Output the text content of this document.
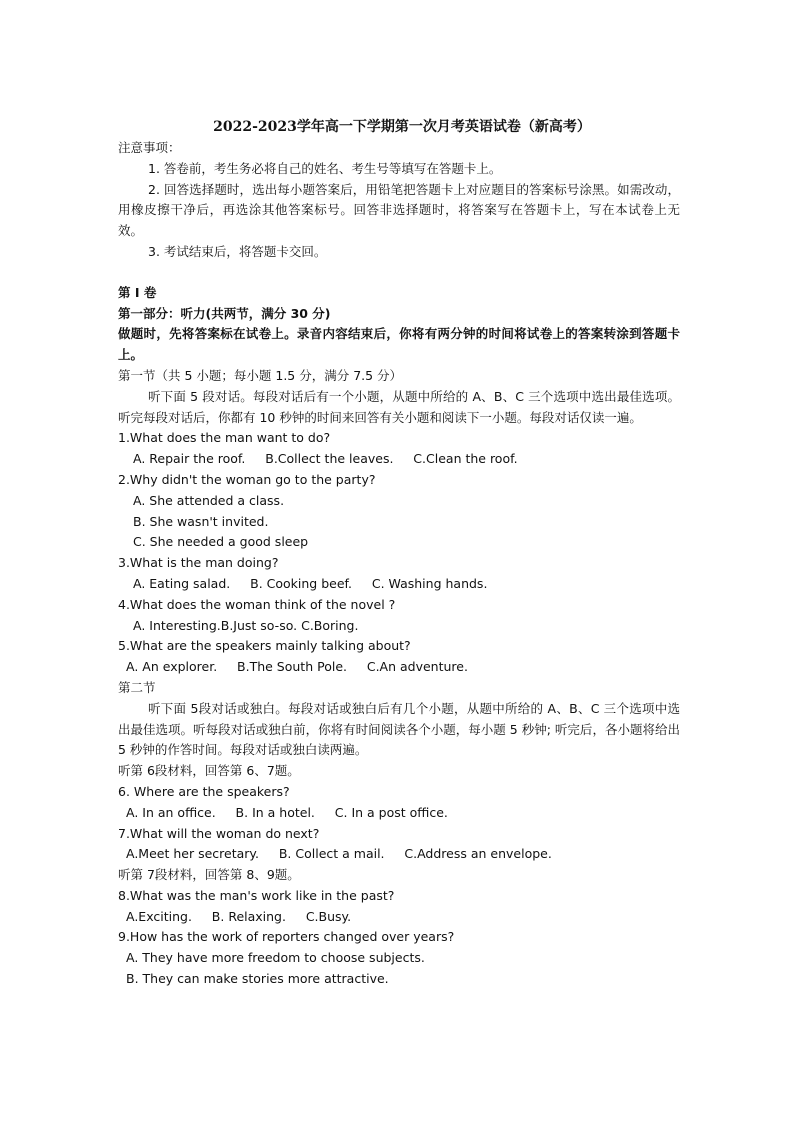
2022-2023学年高一下学期第一次月考英语试卷（新高考）
注意事项：
1. 答卷前，考生务必将自己的姓名、考生号等填写在答题卡上。
2. 回答选择题时，选出每小题答案后，用铅笔把答题卡上对应题目的答案标号涂黑。如需改动，用橡皮擦干净后，再选涂其他答案标号。回答非选择题时，将答案写在答题卡上，写在本试卷上无效。
3. 考试结束后，将答题卡交回。
第 I 卷
第一部分：听力(共两节，满分 30 分)
做题时，先将答案标在试卷上。录音内容结束后，你将有两分钟的时间将试卷上的答案转涂到答题卡上。
第一节（共 5 小题；每小题 1.5 分，满分 7.5 分）
听下面 5 段对话。每段对话后有一个小题，从题中所给的 A、B、C 三个选项中选出最佳选项。听完每段对话后，你都有 10 秒钟的时间来回答有关小题和阅读下一小题。每段对话仅读一遍。
1.What does the man want to do?
A. Repair the roof.     B.Collect the leaves.     C.Clean the roof.
2.Why didn't the woman go to the party?
A. She attended a class.
B. She wasn't invited.
C. She needed a good sleep
3.What is the man doing?
A. Eating salad.     B. Cooking beef.     C. Washing hands.
4.What does the woman think of the novel ?
A. Interesting.B.Just so-so. C.Boring.
5.What are the speakers mainly talking about?
A. An explorer.     B.The South Pole.     C.An adventure.
第二节
听下面 5段对话或独白。每段对话或独白后有几个小题，从题中所给的 A、B、C 三个选项中选出最佳选项。听每段对话或独白前，你将有时间阅读各个小题，每小题 5 秒钟; 听完后，各小题将给出 5 秒钟的作答时间。每段对话或独白读两遍。
听第 6段材料，回答第 6、7题。
6. Where are the speakers?
A. In an office.     B. In a hotel.     C. In a post office.
7.What will the woman do next?
A.Meet her secretary.     B. Collect a mail.     C.Address an envelope.
听第 7段材料，回答第 8、9题。
8.What was the man's work like in the past?
A.Exciting.     B. Relaxing.     C.Busy.
9.How has the work of reporters changed over years?
A. They have more freedom to choose subjects.
B. They can make stories more attractive.
